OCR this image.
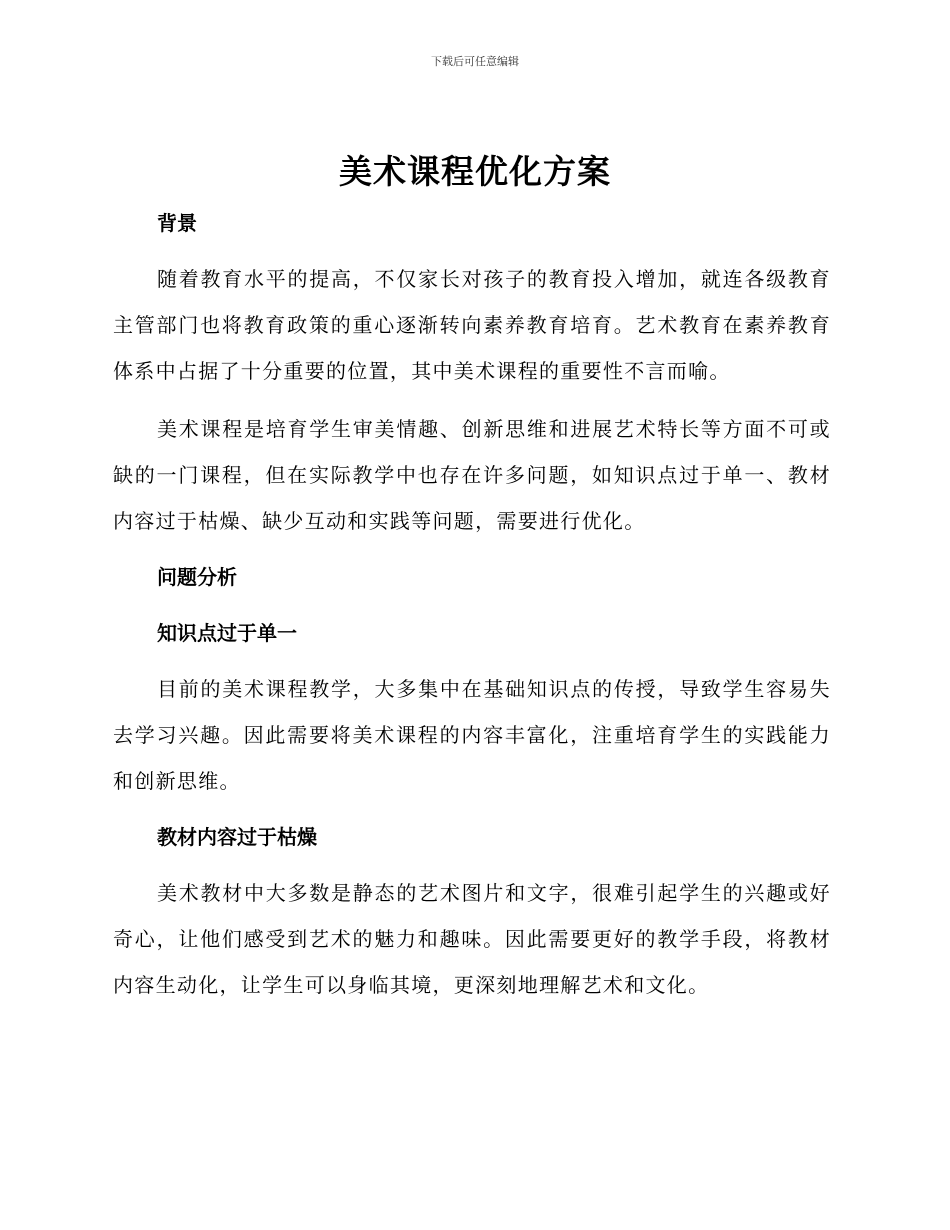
下载后可任意编辑
美术课程优化方案

背景

随着教育水平的提高，不仅家长对孩子的教育投入增加，就连各级教育主管部门也将教育政策的重心逐渐转向素养教育培育。艺术教育在素养教育体系中占据了十分重要的位置，其中美术课程的重要性不言而喻。

美术课程是培育学生审美情趣、创新思维和进展艺术特长等方面不可或缺的一门课程，但在实际教学中也存在许多问题，如知识点过于单一、教材内容过于枯燥、缺少互动和实践等问题，需要进行优化。

问题分析

知识点过于单一

目前的美术课程教学，大多集中在基础知识点的传授，导致学生容易失去学习兴趣。因此需要将美术课程的内容丰富化，注重培育学生的实践能力和创新思维。

教材内容过于枯燥

美术教材中大多数是静态的艺术图片和文字，很难引起学生的兴趣或好奇心，让他们感受到艺术的魅力和趣味。因此需要更好的教学手段，将教材内容生动化，让学生可以身临其境，更深刻地理解艺术和文化。
